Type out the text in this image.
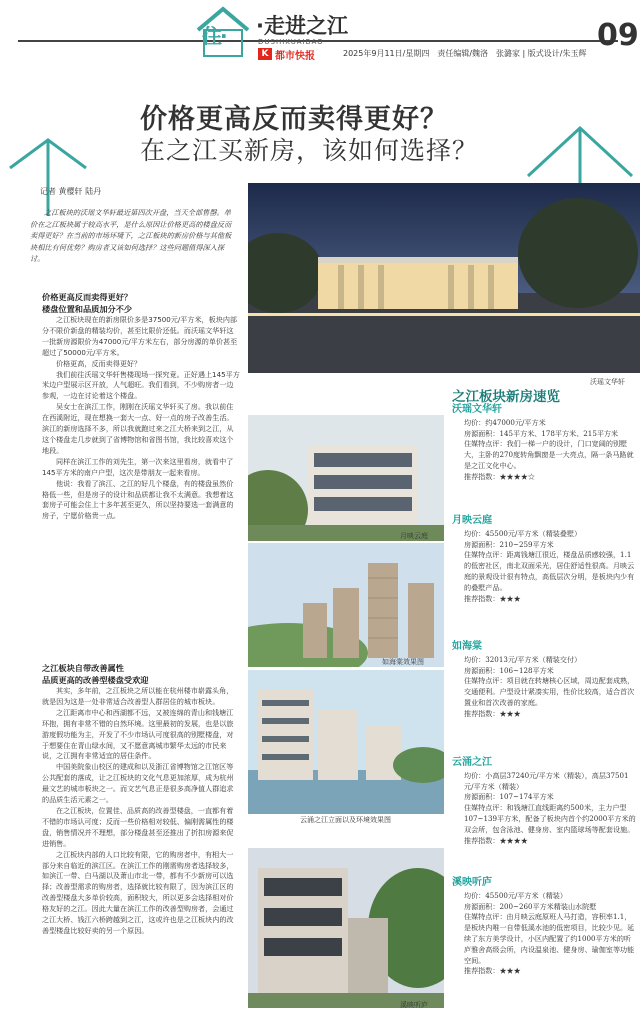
住· ·走进之江
DUSHIKUAIBAO
K 都市快报	2025年9月11日/星期四　责任编辑/魏洛　张潞家 | 版式设计/朱玉辉
09
价格更高反而卖得更好？
在之江买新房，该如何选择？
记者 黄樱轩 陆丹
之江板块的沃瑶文华轩最近第四次开盘，当天全部售罄。单价在之江板块属于较高水平，是什么原因让价格更高的楼盘反而卖得更好？在当前的市场环境下，之江板块的新房价格与其他板块相比有何优势？购房者又该如何选择？这些问题值得深入探讨。
价格更高反而卖得更好？
楼盘位置和品质加分不少

之江板块现在的新房限价多是37500元/平方米，板块内部分不限价新盘的精装均价，甚至比限价还低。而沃瑶文华轩这一批新房源限价为47000元/平方米左右，部分房源的单价甚至超过了50000元/平方米。

价格更高，反而卖得更好？

我们前往沃瑶文华轩售楼现场一探究竟。正好遇上145平方米边户型展示区开放，人气超旺。我们看到，不少购房者一边参观，一边在讨论着这个楼盘。

吴女士在滨江工作，刚刚在沃瑶文华轩买了房。我以前住在西溪附近，现在想换一套大一点、好一点的房子改善生活。滨江的新房选择不多，所以我就跑过来之江大桥来到之江，从这个楼盘走几步就到了省博物馆和省图书馆，我比较喜欢这个地段。

同样在滨江工作的刘先生，第一次来这里看房，就看中了145平方米的南户户型，这次是带朋友一起来看房。

他说：我看了滨江、之江的好几个楼盘，有的楼盘虽然价格低一些，但是房子的设计和品质都让我不太满意。我想着这套房子可能会住上十多年甚至更久，所以坚持要选一套满意的房子，宁愿价格贵一点。

之江板块自带改善属性
品质更高的改善型楼盘受欢迎

其实，多年前，之江板块之所以能在杭州楼市崭露头角，就是因为这是一处非常适合改善型人群居住的城市板块。

之江距离市中心和西湖都不远，又被连绵的青山和钱塘江环抱，拥有非常不错的自然环境。这里最初的发展，也是以旅游度假功能为主，开发了不少市场认可度很高的别墅楼盘，对于想要住在青山绿水间，又不愿意离城市繁华太远的市民来说，之江拥有非常适宜的居住条件。

中国美院象山校区的建成和以及浙江省博物馆之江馆区等公共配套的落成，让之江板块的文化气息更加浓厚，成为杭州最文艺的城市板块之一。而文艺气息正是很多高净值人群追求的品质生活元素之一。

在之江板块，位置佳、品质高的改善型楼盘，一直都有着不错的市场认可度；反而一些价格相对较低、偏刚需属性的楼盘，销售情况并不理想，部分楼盘甚至还推出了折扣房源来促进销售。

之江板块内部的人口比较有限，它的购房者中，有相大一部分来自临近的滨江区。在滨江工作的刚需购房者选择较多，如滨江一带、白马湖以及萧山市北一带，都有不少新房可以选择；改善型需求的购房者，选择就比较有限了，因为滨江区的改善型楼盘大多单价较高，面积较大，所以更多会选择相对价格友好的之江。因此大量在滨江工作的改善型购房者，会通过之江大桥、钱江六桥跨越到之江，这或许也是之江板块内的改善型楼盘比较好卖的另一个原因。

沃瑶文华轩
月映云庭
如海棠效果图
云涌之江立面以及环境效果图
溪映听庐
之江板块新房速览
沃瑶文华轩

均价：约47000元/平方米

房源面积：145平方米、178平方米、215平方米

住媒特点评：我们一梯一户的设计，门口宽阔的别墅大，主卧的270度转角飘窗是一大亮点，隔一条马路就是之江文化中心。

推荐指数：★★★★☆

月映云庭

均价：45500元/平方米（精装叠墅）

房源面积：210~259平方米

住媒特点评：距离钱塘江很近，楼盘品质感较强，1.1的低密社区，南北双面采光，居住舒适性很高。月映云庭的景观设计很有特点，高低层次分明，是板块内少有的叠墅产品。

推荐指数：★★★

如海棠

均价：32013元/平方米（精装交付）

房源面积：106~128平方米

住媒特点评：项目就在转塘核心区域，周边配套成熟，交通便利。户型设计紧凑实用，性价比较高，适合首次置业和首次改善的家庭。

推荐指数：★★★

云涌之江

均价：小高层37240元/平方米（精装），高层37501元/平方米（精装）

房源面积：107~174平方米

住媒特点评：和钱塘江直线距离约500米，主力户型107~139平方米，配备了板块内首个约2000平方米的双会所，包含泳池、健身房、室内篮球场等配套设施。

推荐指数：★★★★

溪映听庐

均价：45500元/平方米（精装）

房源面积：200~260平方米精装山水院墅

住媒特点评：由月映云庭原班人马打造，容积率1.1，是板块内唯一自带低溪水池的低密项目，比较少见。延续了东方美学设计，小区内配置了约1000平方米的听庐雅舍高级会所，内设温泉池、健身房、瑜伽室等功能空间。

推荐指数：★★★
